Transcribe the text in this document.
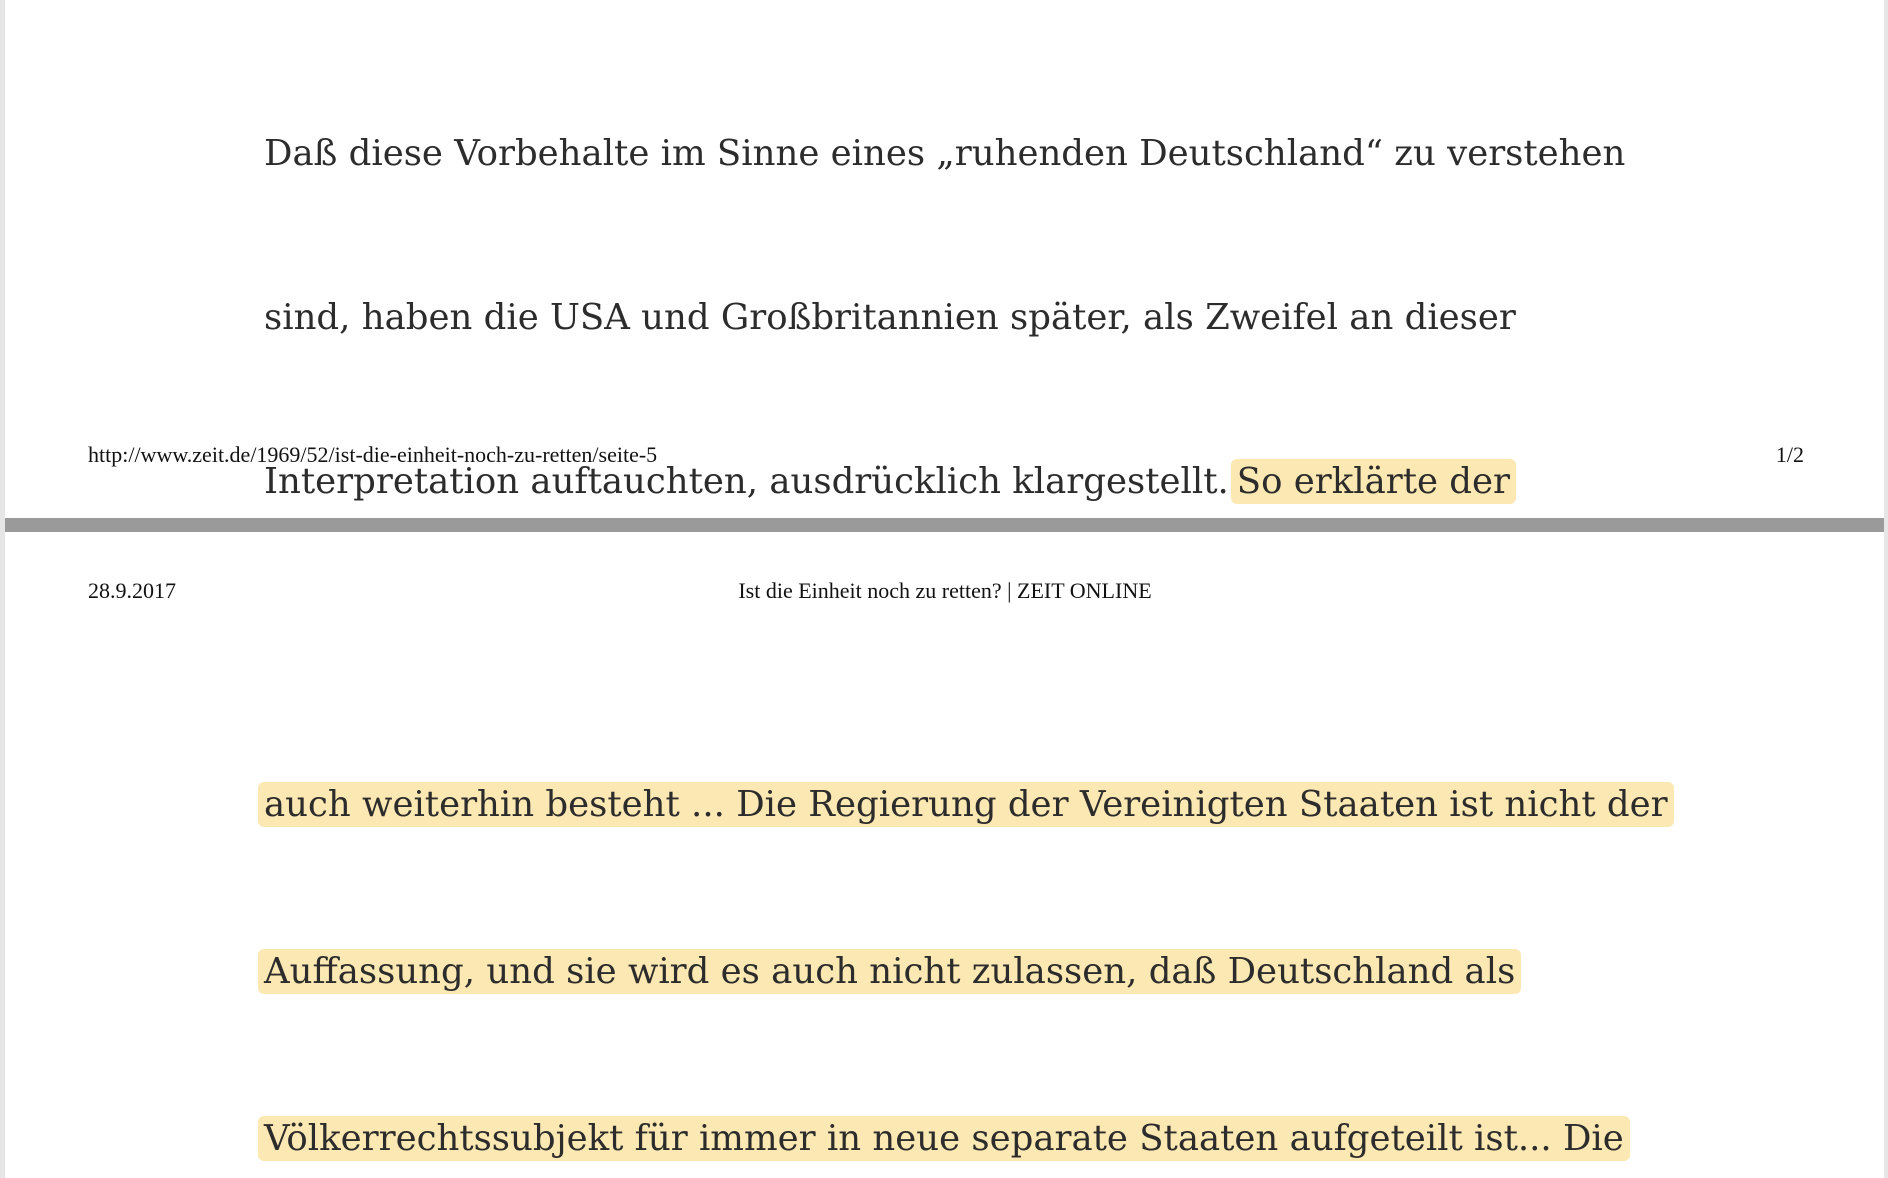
Daß diese Vorbehalte im Sinne eines „ruhenden Deutschland“ zu verstehen

sind, haben die USA und Großbritannien später, als Zweifel an dieser

Interpretation auftauchten, ausdrücklich klargestellt. So erklärte der

http://www.zeit.de/1969/52/ist-die-einheit-noch-zu-retten/seite-5	1/2
28.9.2017	Ist die Einheit noch zu retten? | ZEIT ONLINE

auch weiterhin besteht ... Die Regierung der Vereinigten Staaten ist nicht der

Auffassung, und sie wird es auch nicht zulassen, daß Deutschland als

Völkerrechtssubjekt für immer in neue separate Staaten aufgeteilt ist... Die
